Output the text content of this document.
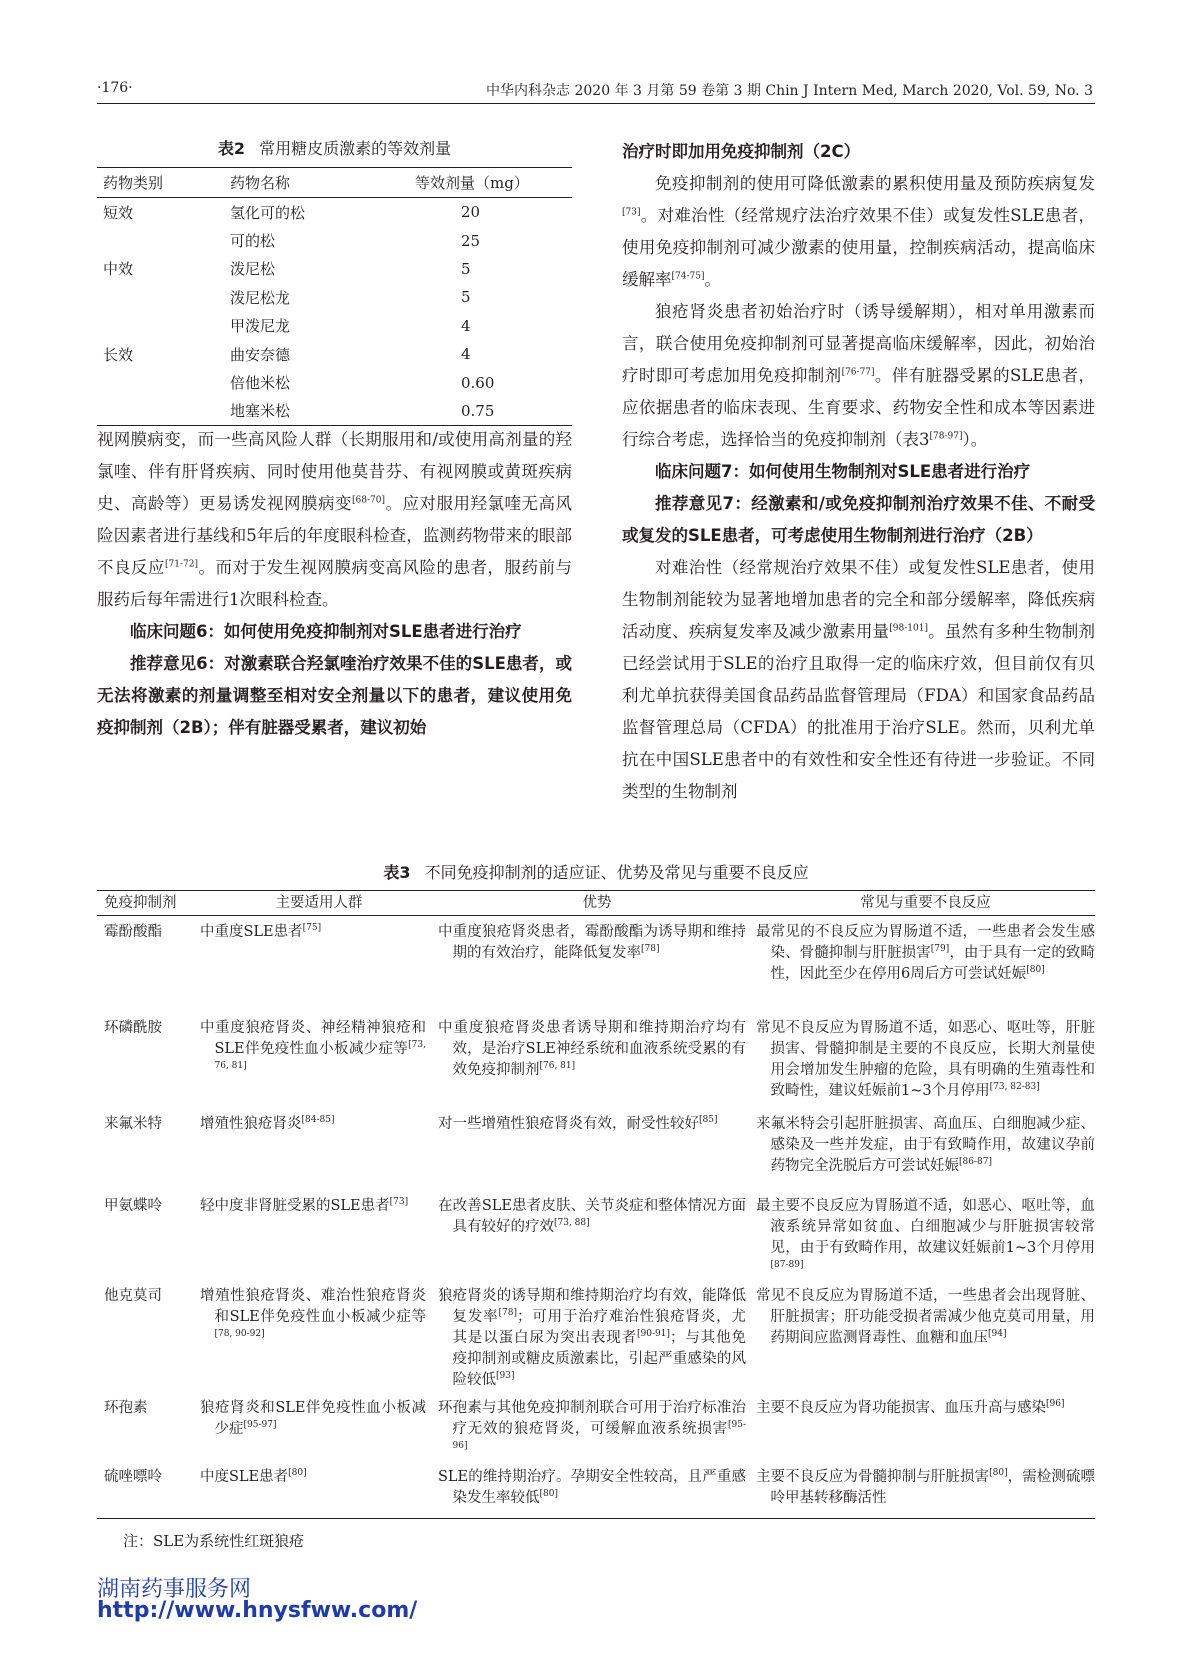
·176·	中华内科杂志 2020 年 3 月第 59 卷第 3 期 Chin J Intern Med, March 2020, Vol. 59, No. 3
表2 常用糖皮质激素的等效剂量
药物类别	药物名称	等效剂量（mg）
短效	氢化可的松	20
	可的松	25
中效	泼尼松	5
	泼尼松龙	5
	甲泼尼龙	4
长效	曲安奈德	4
	倍他米松	0.60
	地塞米松	0.75

视网膜病变，而一些高风险人群（长期服用和/或使用高剂量的羟氯喹、伴有肝肾疾病、同时使用他莫昔芬、有视网膜或黄斑疾病史、高龄等）更易诱发视网膜病变[68-70]。应对服用羟氯喹无高风险因素者进行基线和5年后的年度眼科检查，监测药物带来的眼部不良反应[71-72]。而对于发生视网膜病变高风险的患者，服药前与服药后每年需进行1次眼科检查。

临床问题6：如何使用免疫抑制剂对SLE患者进行治疗

推荐意见6：对激素联合羟氯喹治疗效果不佳的SLE患者，或无法将激素的剂量调整至相对安全剂量以下的患者，建议使用免疫抑制剂（2B）；伴有脏器受累者，建议初始

治疗时即加用免疫抑制剂（2C）

免疫抑制剂的使用可降低激素的累积使用量及预防疾病复发[73]。对难治性（经常规疗法治疗效果不佳）或复发性SLE患者，使用免疫抑制剂可减少激素的使用量，控制疾病活动，提高临床缓解率[74-75]。

狼疮肾炎患者初始治疗时（诱导缓解期），相对单用激素而言，联合使用免疫抑制剂可显著提高临床缓解率，因此，初始治疗时即可考虑加用免疫抑制剂[76-77]。伴有脏器受累的SLE患者，应依据患者的临床表现、生育要求、药物安全性和成本等因素进行综合考虑，选择恰当的免疫抑制剂（表3[78-97]）。

临床问题7：如何使用生物制剂对SLE患者进行治疗

推荐意见7：经激素和/或免疫抑制剂治疗效果不佳、不耐受或复发的SLE患者，可考虑使用生物制剂进行治疗（2B）

对难治性（经常规治疗效果不佳）或复发性SLE患者，使用生物制剂能较为显著地增加患者的完全和部分缓解率，降低疾病活动度、疾病复发率及减少激素用量[98-101]。虽然有多种生物制剂已经尝试用于SLE的治疗且取得一定的临床疗效，但目前仅有贝利尤单抗获得美国食品药品监督管理局（FDA）和国家食品药品监督管理总局（CFDA）的批准用于治疗SLE。然而，贝利尤单抗在中国SLE患者中的有效性和安全性还有待进一步验证。不同类型的生物制剂

表3 不同免疫抑制剂的适应证、优势及常见与重要不良反应
免疫抑制剂	主要适用人群	优势	常见与重要不良反应
霉酚酸酯	中重度SLE患者[75]	中重度狼疮肾炎患者，霉酚酸酯为诱导期和维持期的有效治疗，能降低复发率[78]	最常见的不良反应为胃肠道不适，一些患者会发生感染、骨髓抑制与肝脏损害[79]，由于具有一定的致畸性，因此至少在停用6周后方可尝试妊娠[80]

环磷酰胺	中重度狼疮肾炎、神经精神狼疮和SLE伴免疫性血小板减少症等[73, 76, 81]	中重度狼疮肾炎患者诱导期和维持期治疗均有效，是治疗SLE神经系统和血液系统受累的有效免疫抑制剂[76, 81]	常见不良反应为胃肠道不适，如恶心、呕吐等，肝脏损害、骨髓抑制是主要的不良反应，长期大剂量使用会增加发生肿瘤的危险，具有明确的生殖毒性和致畸性，建议妊娠前1~3个月停用[73, 82-83]

来氟米特	增殖性狼疮肾炎[84-85]	对一些增殖性狼疮肾炎有效，耐受性较好[85]	来氟米特会引起肝脏损害、高血压、白细胞减少症、感染及一些并发症，由于有致畸作用，故建议孕前药物完全洗脱后方可尝试妊娠[86-87]

甲氨蝶呤	轻中度非肾脏受累的SLE患者[73]	在改善SLE患者皮肤、关节炎症和整体情况方面具有较好的疗效[73, 88]	最主要不良反应为胃肠道不适，如恶心、呕吐等，血液系统异常如贫血、白细胞减少与肝脏损害较常见，由于有致畸作用，故建议妊娠前1~3个月停用[87-89]

他克莫司	增殖性狼疮肾炎、难治性狼疮肾炎和SLE伴免疫性血小板减少症等[78, 90-92]	狼疮肾炎的诱导期和维持期治疗均有效，能降低复发率[78]；可用于治疗难治性狼疮肾炎，尤其是以蛋白尿为突出表现者[90-91]；与其他免疫抑制剂或糖皮质激素比，引起严重感染的风险较低[93]	常见不良反应为胃肠道不适，一些患者会出现肾脏、肝脏损害；肝功能受损者需减少他克莫司用量，用药期间应监测肾毒性、血糖和血压[94]

环孢素	狼疮肾炎和SLE伴免疫性血小板减少症[95-97]	环孢素与其他免疫抑制剂联合可用于治疗标准治疗无效的狼疮肾炎，可缓解血液系统损害[95-96]	主要不良反应为肾功能损害、血压升高与感染[96]

硫唑嘌呤	中度SLE患者[80]	SLE的维持期治疗。孕期安全性较高，且严重感染发生率较低[80]	主要不良反应为骨髓抑制与肝脏损害[80]，需检测硫嘌呤甲基转移酶活性
注：SLE为系统性红斑狼疮
湖南药事服务网
http://www.hnysfww.com/
